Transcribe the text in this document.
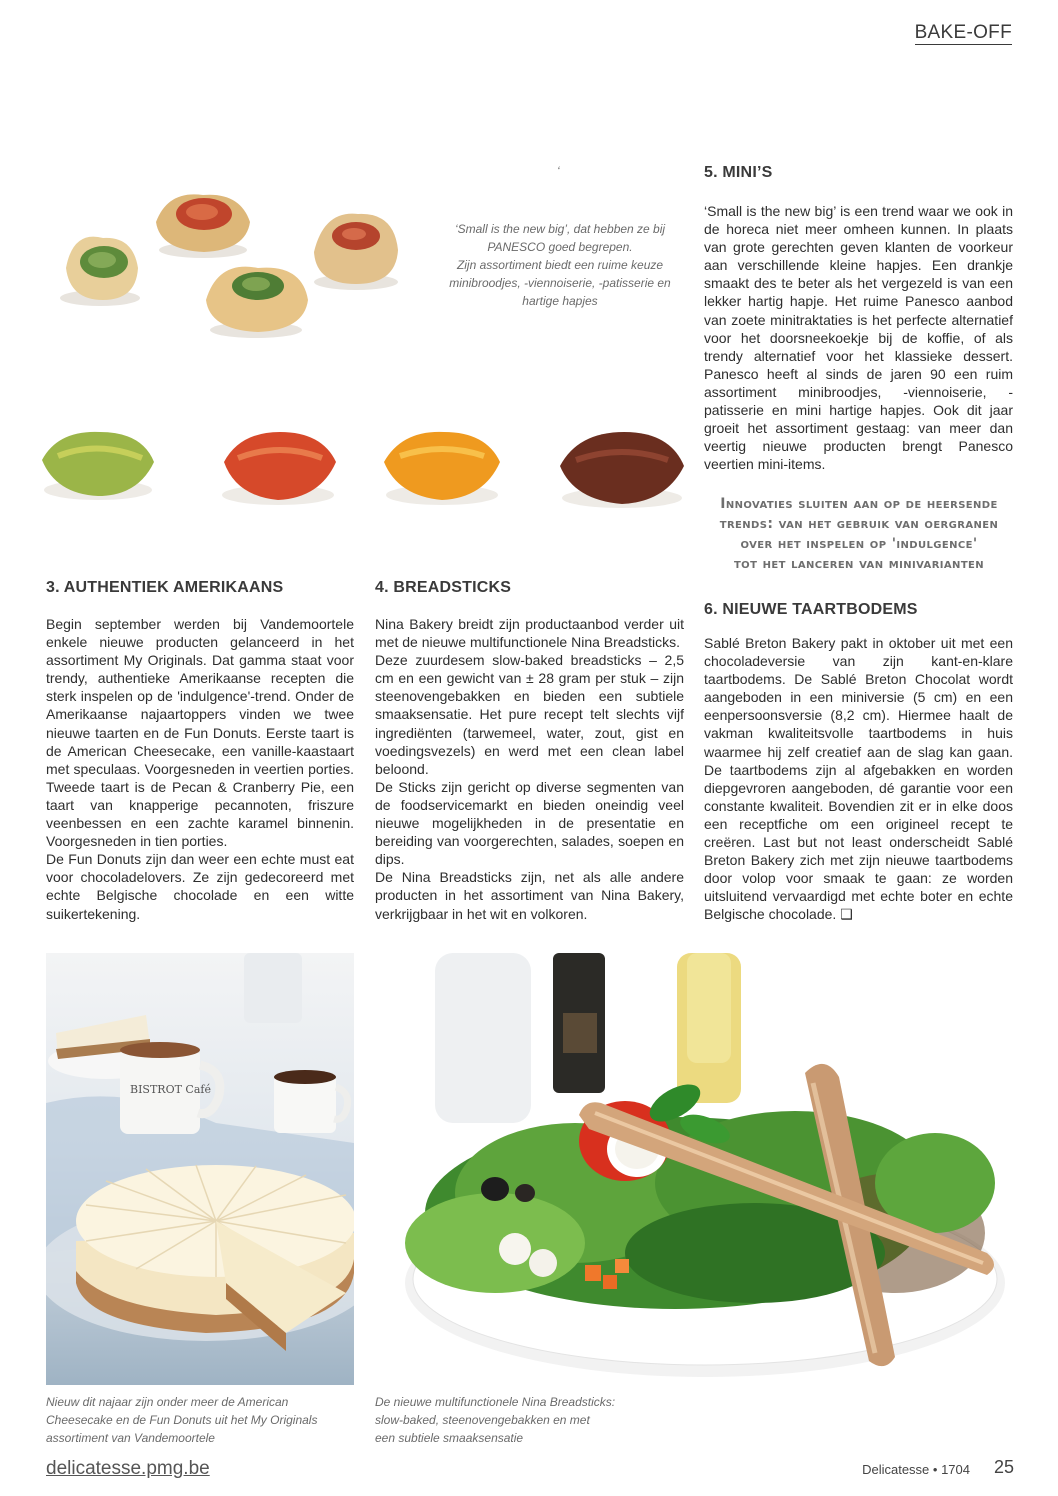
BAKE-OFF
‘
‘Small is the new big’, dat hebben ze bij
PANESCO goed begrepen.
Zijn assortiment biedt een ruime keuze
minibroodjes, -viennoiserie, -patisserie en
hartige hapjes
5. MINI’S

‘Small is the new big’ is een trend waar we ook in de horeca niet meer omheen kunnen. In plaats van grote gerechten geven klanten de voorkeur aan verschillende kleine hapjes. Een drankje smaakt des te beter als het vergezeld is van een lekker hartig hapje. Het ruime Panesco aanbod van zoete minitraktaties is het perfecte alternatief voor het doorsneekoekje bij de koffie, of als trendy alternatief voor het klassieke dessert. Panesco heeft al sinds de jaren 90 een ruim assortiment minibroodjes, -viennoiserie, -patisserie en mini hartige hapjes. Ook dit jaar groeit het assortiment gestaag: van meer dan veertig nieuwe producten brengt Panesco veertien mini-items.

Innovaties sluiten aan op de heersende
trends: van het gebruik van oergranen
over het inspelen op 'indulgence'
tot het lanceren van minivarianten
6. NIEUWE TAARTBODEMS

Sablé Breton Bakery pakt in oktober uit met een chocoladeversie van zijn kant-en-klare taartbodems. De Sablé Breton Chocolat wordt aangeboden in een miniversie (5 cm) en een eenpersoonsversie (8,2 cm). Hiermee haalt de vakman kwaliteitsvolle taartbodems in huis waarmee hij zelf creatief aan de slag kan gaan. De taartbodems zijn al afgebakken en worden diepgevroren aangeboden, dé garantie voor een constante kwaliteit. Bovendien zit er in elke doos een receptfiche om een origineel recept te creëren. Last but not least onderscheidt Sablé Breton Bakery zich met zijn nieuwe taartbodems door volop voor smaak te gaan: ze worden uitsluitend vervaardigd met echte boter en echte Belgische chocolade. ❑

3. AUTHENTIEK AMERIKAANS

Begin september werden bij Vandemoortele enkele nieuwe producten gelanceerd in het assortiment My Originals. Dat gamma staat voor trendy, authentieke Amerikaanse recepten die sterk inspelen op de 'indulgence'-trend. Onder de Amerikaanse najaartoppers vinden we twee nieuwe taarten en de Fun Donuts. Eerste taart is de American Cheesecake, een vanille-kaastaart met speculaas. Voorgesneden in veertien porties. Tweede taart is de Pecan & Cranberry Pie, een taart van knapperige pecannoten, friszure veenbessen en een zachte karamel binnenin. Voorgesneden in tien porties.

De Fun Donuts zijn dan weer een echte must eat voor chocoladelovers. Ze zijn gedecoreerd met echte Belgische chocolade en een witte suikertekening.

4. BREADSTICKS

Nina Bakery breidt zijn productaanbod verder uit met de nieuwe multifunctionele Nina Breadsticks.

Deze zuurdesem slow-baked breadsticks – 2,5 cm en een gewicht van ± 28 gram per stuk – zijn steenovengebakken en bieden een subtiele smaaksensatie. Het pure recept telt slechts vijf ingrediënten (tarwemeel, water, zout, gist en voedingsvezels) en werd met een clean label beloond.

De Sticks zijn gericht op diverse segmenten van de foodservicemarkt en bieden oneindig veel nieuwe mogelijkheden in de presentatie en bereiding van voorgerechten, salades, soepen en dips.

De Nina Breadsticks zijn, net als alle andere producten in het assortiment van Nina Bakery, verkrijgbaar in het wit en volkoren.

BISTROT Café
Nieuw dit najaar zijn onder meer de American
Cheesecake en de Fun Donuts uit het My Originals
assortiment van Vandemoortele
De nieuwe multifunctionele Nina Breadsticks:
slow-baked, steenovengebakken en met
een subtiele smaaksensatie
delicatesse.pmg.be	Delicatesse • 1704 25
